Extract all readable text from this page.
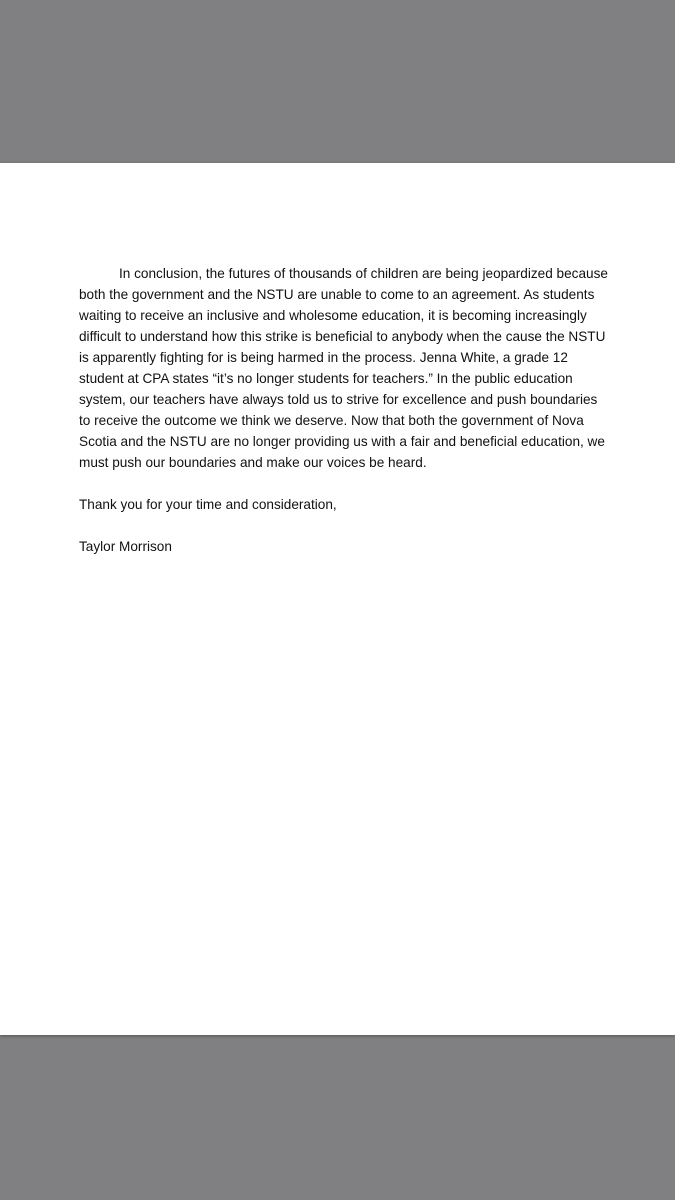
In conclusion, the futures of thousands of children are being jeopardized because
both the government and the NSTU are unable to come to an agreement. As students
waiting to receive an inclusive and wholesome education, it is becoming increasingly
difficult to understand how this strike is beneficial to anybody when the cause the NSTU
is apparently fighting for is being harmed in the process. Jenna White, a grade 12
student at CPA states “it’s no longer students for teachers.” In the public education
system, our teachers have always told us to strive for excellence and push boundaries
to receive the outcome we think we deserve. Now that both the government of Nova
Scotia and the NSTU are no longer providing us with a fair and beneficial education, we
must push our boundaries and make our voices be heard.

Thank you for your time and consideration,

Taylor Morrison
